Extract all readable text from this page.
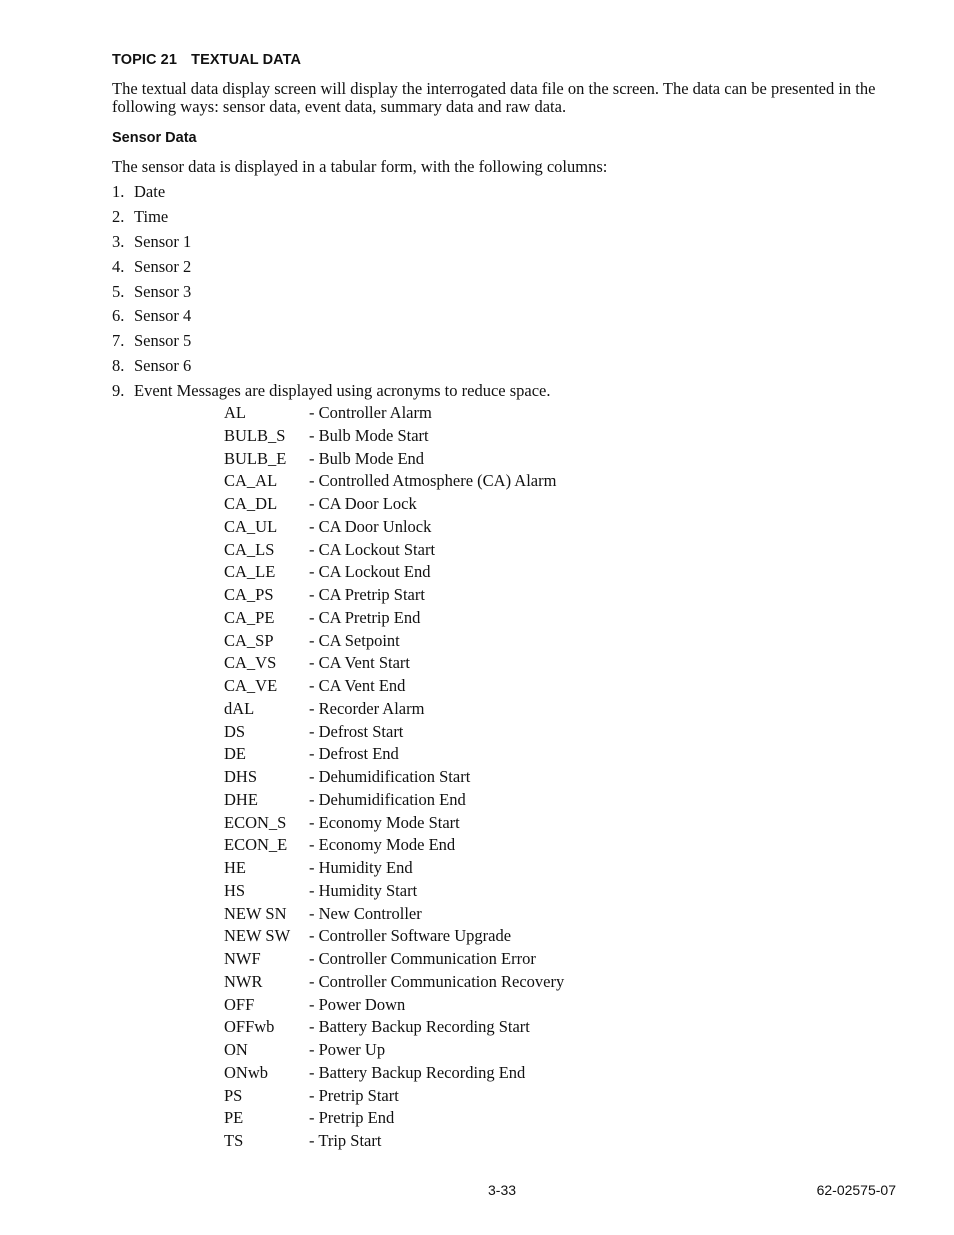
TOPIC 21 TEXTUAL DATA
The textual data display screen will display the interrogated data file on the screen. The data can be presented in the following ways: sensor data, event data, summary data and raw data.
Sensor Data
The sensor data is displayed in a tabular form, with the following columns:
1. Date
2. Time
3. Sensor 1
4. Sensor 2
5. Sensor 3
6. Sensor 4
7. Sensor 5
8. Sensor 6
9. Event Messages are displayed using acronyms to reduce space.
AL	- Controller Alarm
BULB_S - Bulb Mode Start
BULB_E - Bulb Mode End
CA_AL - Controlled Atmosphere (CA) Alarm
CA_DL - CA Door Lock
CA_UL - CA Door Unlock
CA_LS - CA Lockout Start
CA_LE - CA Lockout End
CA_PS - CA Pretrip Start
CA_PE - CA Pretrip End
CA_SP - CA Setpoint
CA_VS - CA Vent Start
CA_VE - CA Vent End
dAL	- Recorder Alarm
DS	- Defrost Start
DE	- Defrost End
DHS	- Dehumidification Start
DHE	- Dehumidification End
ECON_S - Economy Mode Start
ECON_E - Economy Mode End
HE	- Humidity End
HS	- Humidity Start
NEW SN - New Controller
NEW SW - Controller Software Upgrade
NWF	- Controller Communication Error
NWR	- Controller Communication Recovery
OFF	- Power Down
OFFwb - Battery Backup Recording Start
ON	- Power Up
ONwb - Battery Backup Recording End
PS	- Pretrip Start
PE	- Pretrip End
TS	- Trip Start
3-33	62-02575-07
